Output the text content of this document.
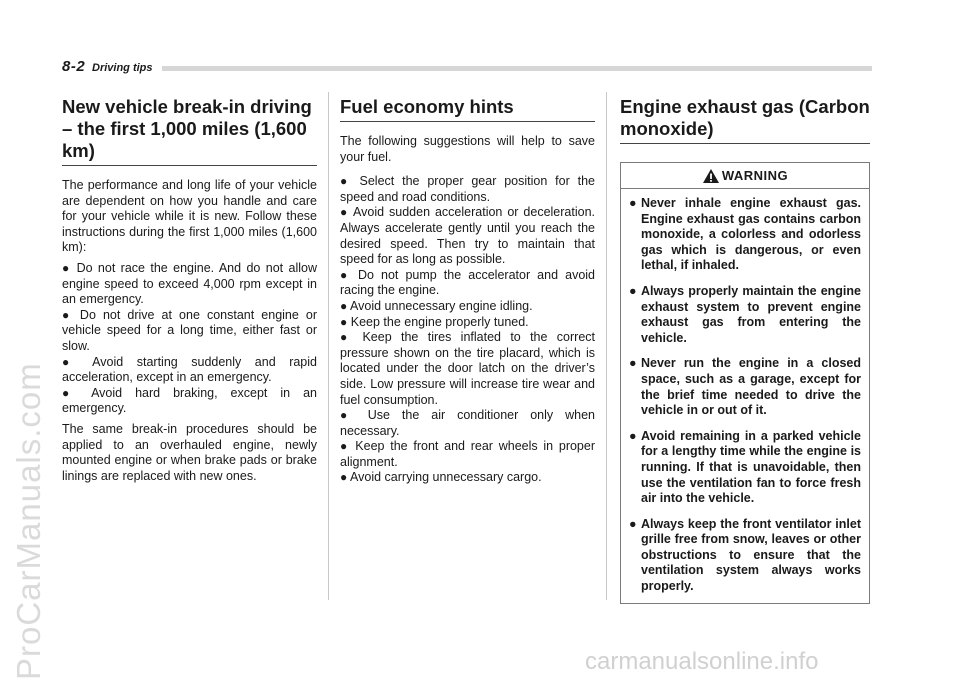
8-2 Driving tips
New vehicle break-in driving – the first 1,000 miles (1,600 km)

The performance and long life of your vehicle are dependent on how you handle and care for your vehicle while it is new. Follow these instructions during the first 1,000 miles (1,600 km):

● Do not race the engine. And do not allow engine speed to exceed 4,000 rpm except in an emergency.

● Do not drive at one constant engine or vehicle speed for a long time, either fast or slow.

● Avoid starting suddenly and rapid acceleration, except in an emergency.

● Avoid hard braking, except in an emergency.

The same break-in procedures should be applied to an overhauled engine, newly mounted engine or when brake pads or brake linings are replaced with new ones.

Fuel economy hints

The following suggestions will help to save your fuel.

● Select the proper gear position for the speed and road conditions.

● Avoid sudden acceleration or deceleration. Always accelerate gently until you reach the desired speed. Then try to maintain that speed for as long as possible.

● Do not pump the accelerator and avoid racing the engine.

● Avoid unnecessary engine idling.

● Keep the engine properly tuned.

● Keep the tires inflated to the correct pressure shown on the tire placard, which is located under the door latch on the driver’s side. Low pressure will increase tire wear and fuel consumption.

● Use the air conditioner only when necessary.

● Keep the front and rear wheels in proper alignment.

● Avoid carrying unnecessary cargo.

Engine exhaust gas (Carbon monoxide)
WARNING
● Never inhale engine exhaust gas. Engine exhaust gas contains carbon monoxide, a colorless and odorless gas which is dangerous, or even lethal, if inhaled.
● Always properly maintain the engine exhaust system to prevent engine exhaust gas from entering the vehicle.
● Never run the engine in a closed space, such as a garage, except for the brief time needed to drive the vehicle in or out of it.
● Avoid remaining in a parked vehicle for a lengthy time while the engine is running. If that is unavoidable, then use the ventilation fan to force fresh air into the vehicle.
● Always keep the front ventilator inlet grille free from snow, leaves or other obstructions to ensure that the ventilation system always works properly.
ProCarManuals.com	carmanualsonline.info
